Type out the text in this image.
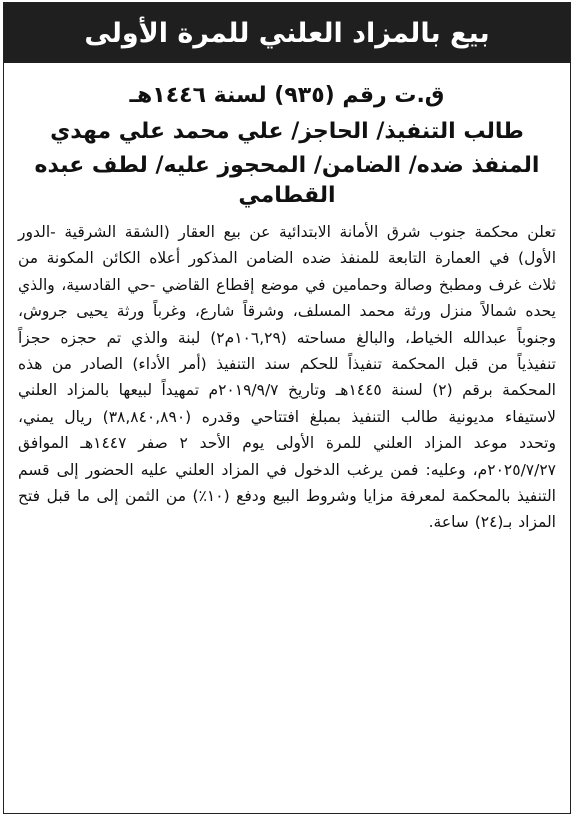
بيع بالمزاد العلني للمرة الأولى
ق.ت رقم (٩٣٥) لسنة ١٤٤٦هـ
طالب التنفيذ/ الحاجز/ علي محمد علي مهدي
المنفذ ضده/ الضامن/ المحجوز عليه/ لطف عبده القطامي
تعلن محكمة جنوب شرق الأمانة الابتدائية عن بيع العقار (الشقة الشرقية -الدور الأول) في العمارة التابعة للمنفذ ضده الضامن المذكور أعلاه الكائن المكونة من ثلاث غرف ومطبخ وصالة وحمامين في موضع إقطاع القاضي -حي القادسية، والذي يحده شمالاً منزل ورثة محمد المسلف، وشرقاً شارع، وغرباً ورثة يحيى جروش، وجنوباً عبدالله الخياط، والبالغ مساحته (١٠٦,٢٩م٢) لبنة والذي تم حجزه حجزاً تنفيذياً من قبل المحكمة تنفيذاً للحكم سند التنفيذ (أمر الأداء) الصادر من هذه المحكمة برقم (٢) لسنة ١٤٤٥هـ وتاريخ ٢٠١٩/٩/٧م تمهيداً لبيعها بالمزاد العلني لاستيفاء مديونية طالب التنفيذ بمبلغ افتتاحي وقدره (٣٨,٨٤٠,٨٩٠) ريال يمني، وتحدد موعد المزاد العلني للمرة الأولى يوم الأحد ٢ صفر ١٤٤٧هـ الموافق ٢٠٢٥/٧/٢٧م، وعليه: فمن يرغب الدخول في المزاد العلني عليه الحضور إلى قسم التنفيذ بالمحكمة لمعرفة مزايا وشروط البيع ودفع (١٠٪) من الثمن إلى ما قبل فتح المزاد بـ(٢٤) ساعة.
